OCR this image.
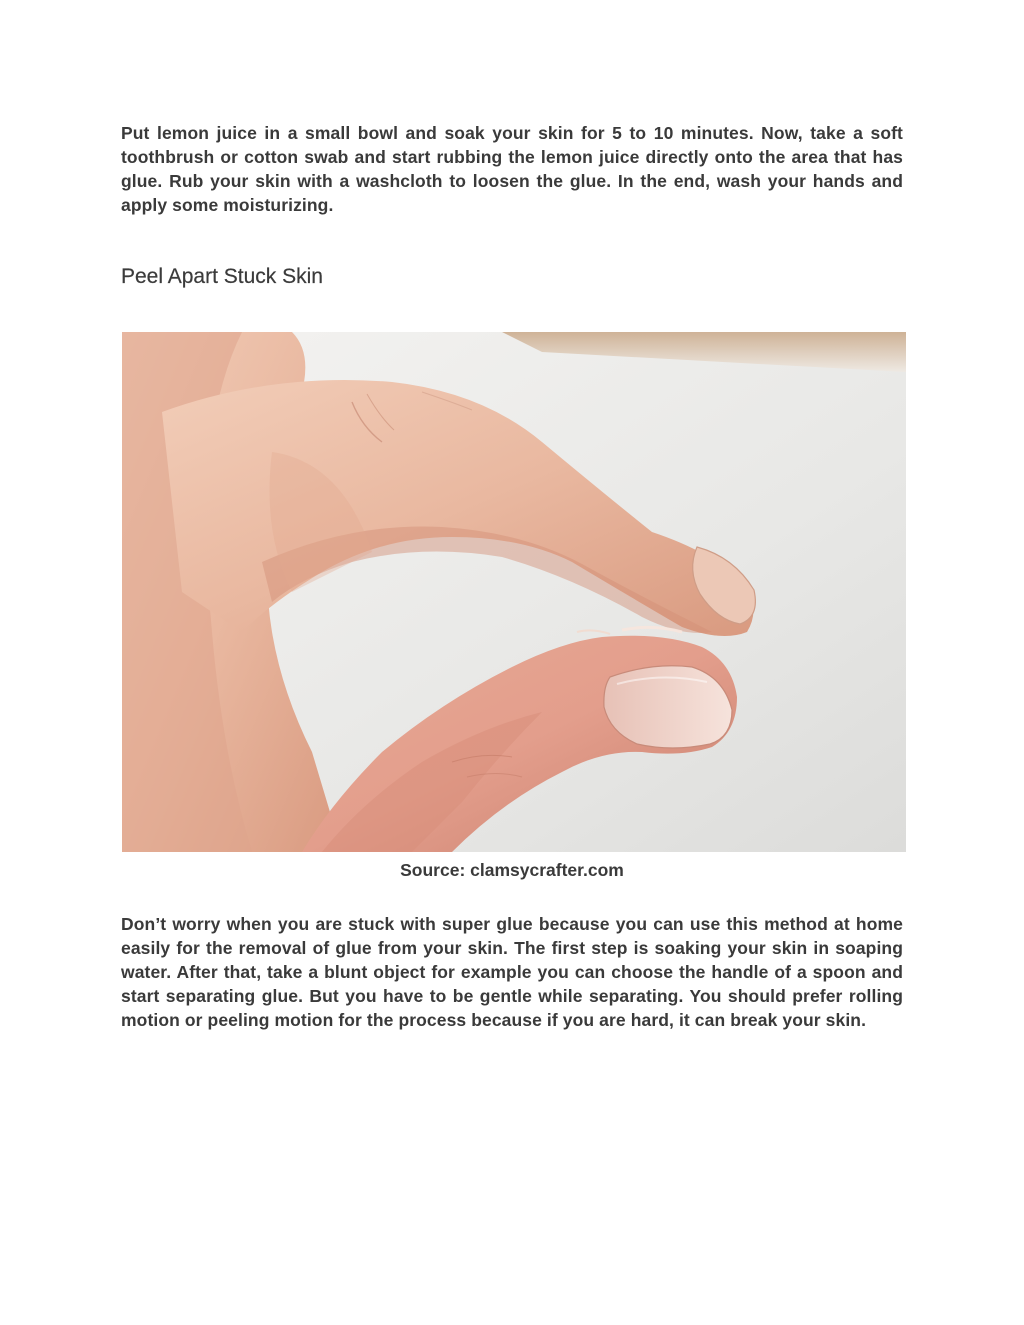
Put lemon juice in a small bowl and soak your skin for 5 to 10 minutes. Now, take a soft toothbrush or cotton swab and start rubbing the lemon juice directly onto the area that has glue. Rub your skin with a washcloth to loosen the glue. In the end, wash your hands and apply some moisturizing.

Peel Apart Stuck Skin

Source: clamsycrafter.com

Don’t worry when you are stuck with super glue because you can use this method at home easily for the removal of glue from your skin. The first step is soaking your skin in soaping water. After that, take a blunt object for example you can choose the handle of a spoon and start separating glue. But you have to be gentle while separating. You should prefer rolling motion or peeling motion for the process because if you are hard, it can break your skin.
